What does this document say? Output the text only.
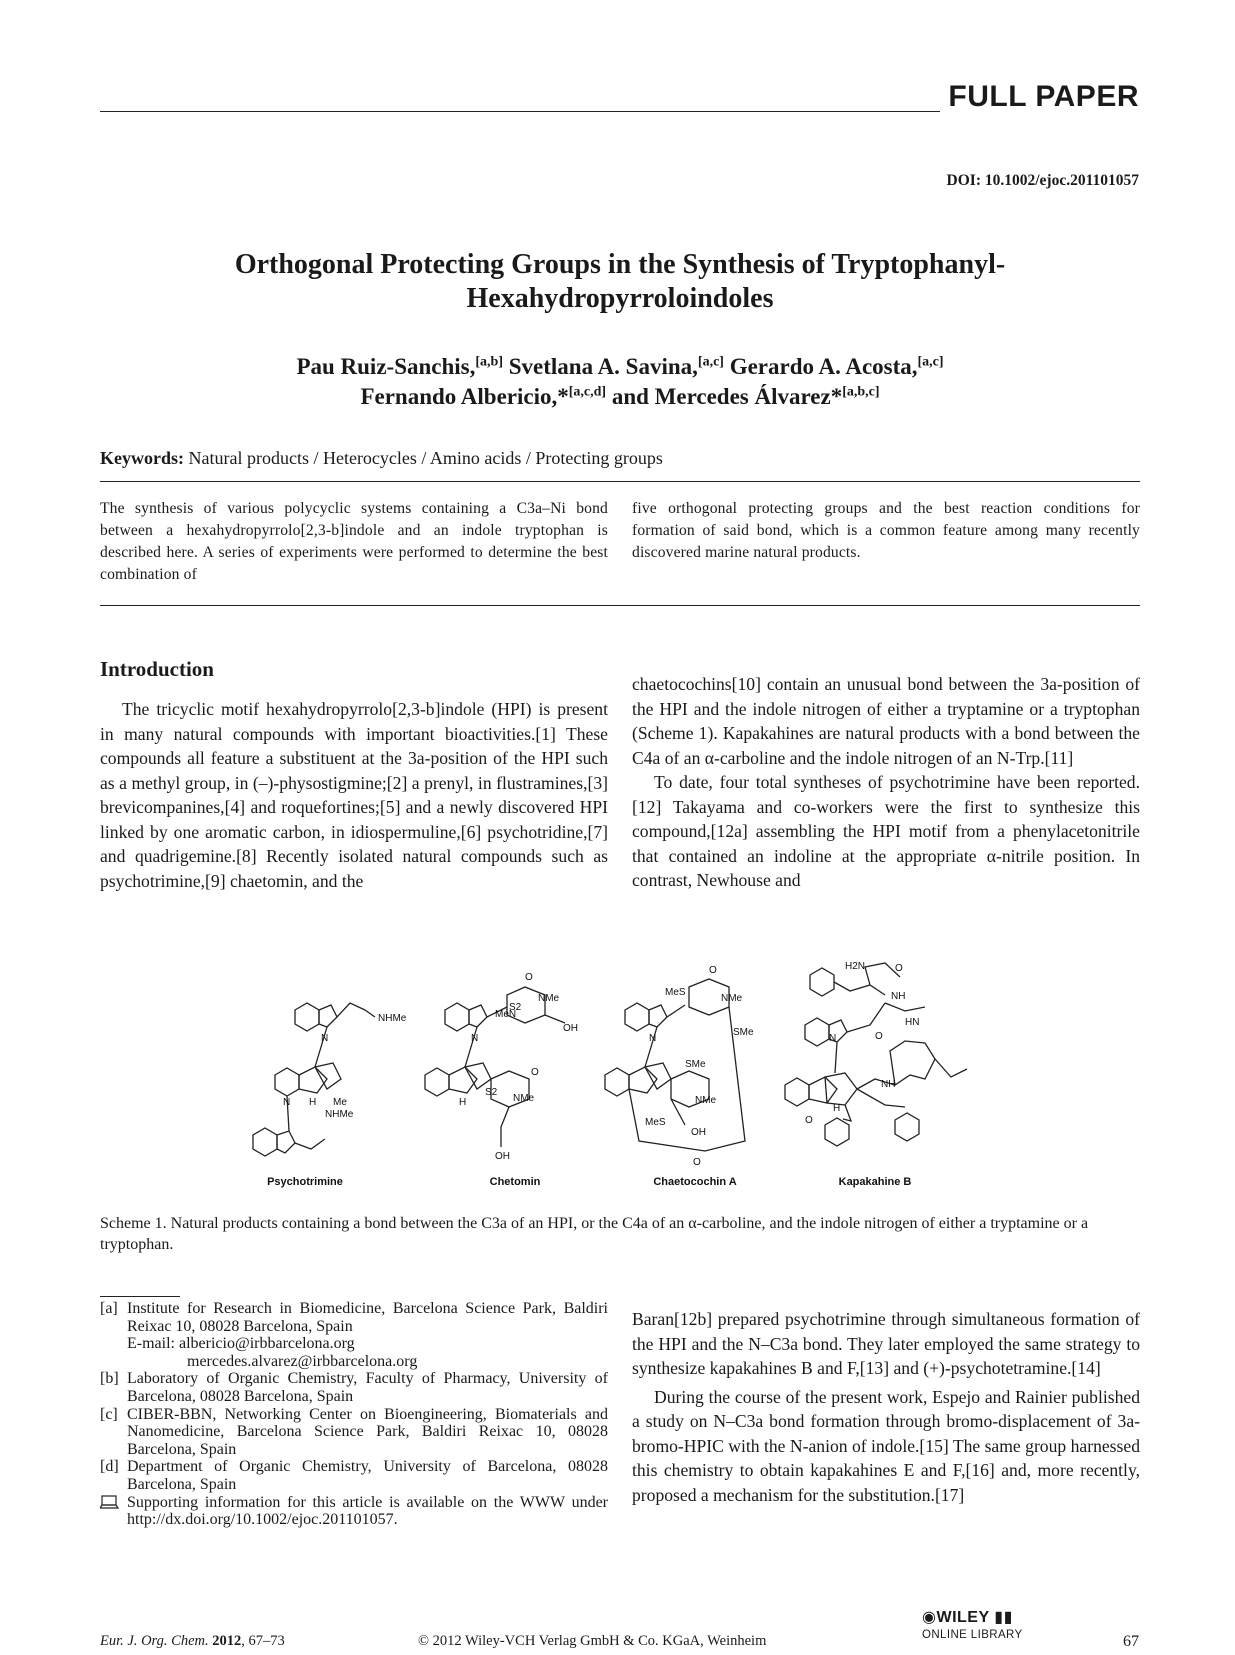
FULL PAPER
DOI: 10.1002/ejoc.201101057
Orthogonal Protecting Groups in the Synthesis of Tryptophanyl-Hexahydropyrroloindoles
Pau Ruiz-Sanchis,[a,b] Svetlana A. Savina,[a,c] Gerardo A. Acosta,[a,c]
Fernando Albericio,*[a,c,d] and Mercedes Álvarez*[a,b,c]
Keywords: Natural products / Heterocycles / Amino acids / Protecting groups
The synthesis of various polycyclic systems containing a C3a–Ni bond between a hexahydropyrrolo[2,3-b]indole and an indole tryptophan is described here. A series of experiments were performed to determine the best combination of
five orthogonal protecting groups and the best reaction conditions for formation of said bond, which is a common feature among many recently discovered marine natural products.
Introduction

The tricyclic motif hexahydropyrrolo[2,3-b]indole (HPI) is present in many natural compounds with important bioactivities.[1] These compounds all feature a substituent at the 3a-position of the HPI such as a methyl group, in (–)-physostigmine;[2] a prenyl, in flustramines,[3] brevicompanines,[4] and roquefortines;[5] and a newly discovered HPI linked by one aromatic carbon, in idiospermuline,[6] psychotridine,[7] and quadrigemine.[8] Recently isolated natural compounds such as psychotrimine,[9] chaetomin, and the

chaetocochins[10] contain an unusual bond between the 3a-position of the HPI and the indole nitrogen of either a tryptamine or a tryptophan (Scheme 1). Kapakahines are natural products with a bond between the C4a of an α-carboline and the indole nitrogen of an N-Trp.[11]

To date, four total syntheses of psychotrimine have been reported.[12] Takayama and co-workers were the first to synthesize this compound,[12a] assembling the HPI motif from a phenylacetonitrile that contained an indoline at the appropriate α-nitrile position. In contrast, Newhouse and

NHMe
N
H Me
NHMe
N
O
S2
NMe
MeN
OH
N
H
S2
NMe
O
OH
MeS
O
NMe
SMe
SMe
N
NMe
MeS
OH
O
H2N	O
NH
HN
O
N
H
O
NH
Psychotrimine	Chetomin	Chaetocochin A	Kapakahine B
Scheme 1. Natural products containing a bond between the C3a of an HPI, or the C4a of an α-carboline, and the indole nitrogen of either a tryptamine or a tryptophan.
[a] Institute for Research in Biomedicine, Barcelona Science Park, Baldiri Reixac 10, 08028 Barcelona, Spain
E-mail: albericio@irbbarcelona.org
mercedes.alvarez@irbbarcelona.org
[b] Laboratory of Organic Chemistry, Faculty of Pharmacy, University of Barcelona, 08028 Barcelona, Spain
[c] CIBER-BBN, Networking Center on Bioengineering, Biomaterials and Nanomedicine, Barcelona Science Park, Baldiri Reixac 10, 08028 Barcelona, Spain
[d] Department of Organic Chemistry, University of Barcelona, 08028 Barcelona, Spain
Supporting information for this article is available on the WWW under http://dx.doi.org/10.1002/ejoc.201101057.

Baran[12b] prepared psychotrimine through simultaneous formation of the HPI and the N–C3a bond. They later employed the same strategy to synthesize kapakahines B and F,[13] and (+)-psychotetramine.[14]

During the course of the present work, Espejo and Rainier published a study on N–C3a bond formation through bromo-displacement of 3a-bromo-HPIC with the N-anion of indole.[15] The same group harnessed this chemistry to obtain kapakahines E and F,[16] and, more recently, proposed a mechanism for the substitution.[17]

Eur. J. Org. Chem. 2012, 67–73	© 2012 Wiley-VCH Verlag GmbH & Co. KGaA, Weinheim
◉WILEY ▮▮
ONLINE LIBRARY	67
